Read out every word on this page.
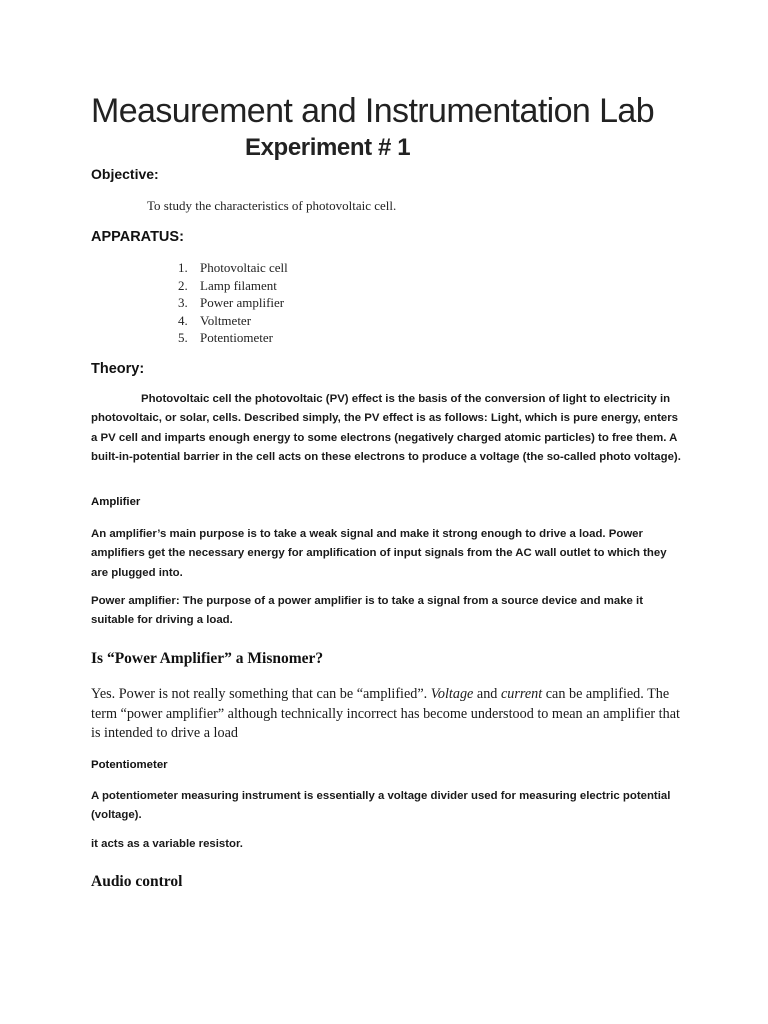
Measurement and Instrumentation Lab
Experiment # 1
Objective:
To study the characteristics of photovoltaic cell.
APPARATUS:
1. Photovoltaic cell
2. Lamp filament
3. Power amplifier
4. Voltmeter
5. Potentiometer
Theory:

Photovoltaic cell the photovoltaic (PV) effect is the basis of the conversion of light to electricity in photovoltaic, or solar, cells. Described simply, the PV effect is as follows: Light, which is pure energy, enters a PV cell and imparts enough energy to some electrons (negatively charged atomic particles) to free them. A built-in-potential barrier in the cell acts on these electrons to produce a voltage (the so-called photo voltage).

Amplifier

An amplifier’s main purpose is to take a weak signal and make it strong enough to drive a load. Power amplifiers get the necessary energy for amplification of input signals from the AC wall outlet to which they are plugged into.

Power amplifier: The purpose of a power amplifier is to take a signal from a source device and make it suitable for driving a load.

Is “Power Amplifier” a Misnomer?

Yes. Power is not really something that can be “amplified”. Voltage and current can be amplified. The term “power amplifier” although technically incorrect has become understood to mean an amplifier that is intended to drive a load

Potentiometer

A potentiometer measuring instrument is essentially a voltage divider used for measuring electric potential (voltage).

it acts as a variable resistor.

Audio control
